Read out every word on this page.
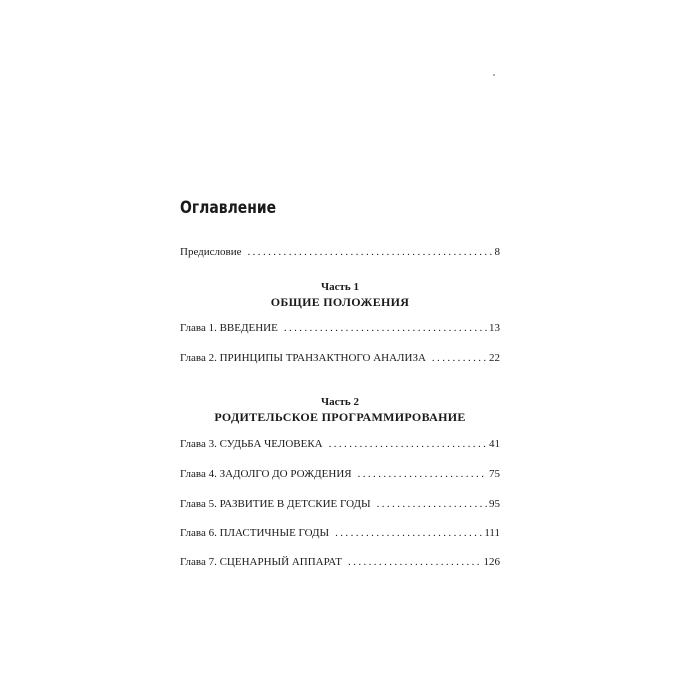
Оглавление
Предисловие .....	8
Часть 1
ОБЩИЕ ПОЛОЖЕНИЯ
Глава 1. ВВЕДЕНИЕ .....	13
Глава 2. ПРИНЦИПЫ ТРАНЗАКТНОГО АНАЛИЗА .....	22
Часть 2
РОДИТЕЛЬСКОЕ ПРОГРАММИРОВАНИЕ
Глава 3. СУДЬБА ЧЕЛОВЕКА .....	41
Глава 4. ЗАДОЛГО ДО РОЖДЕНИЯ .....	75
Глава 5. РАЗВИТИЕ В ДЕТСКИЕ ГОДЫ .....	95
Глава 6. ПЛАСТИЧНЫЕ ГОДЫ .....	111
Глава 7. СЦЕНАРНЫЙ АППАРАТ .....	126
